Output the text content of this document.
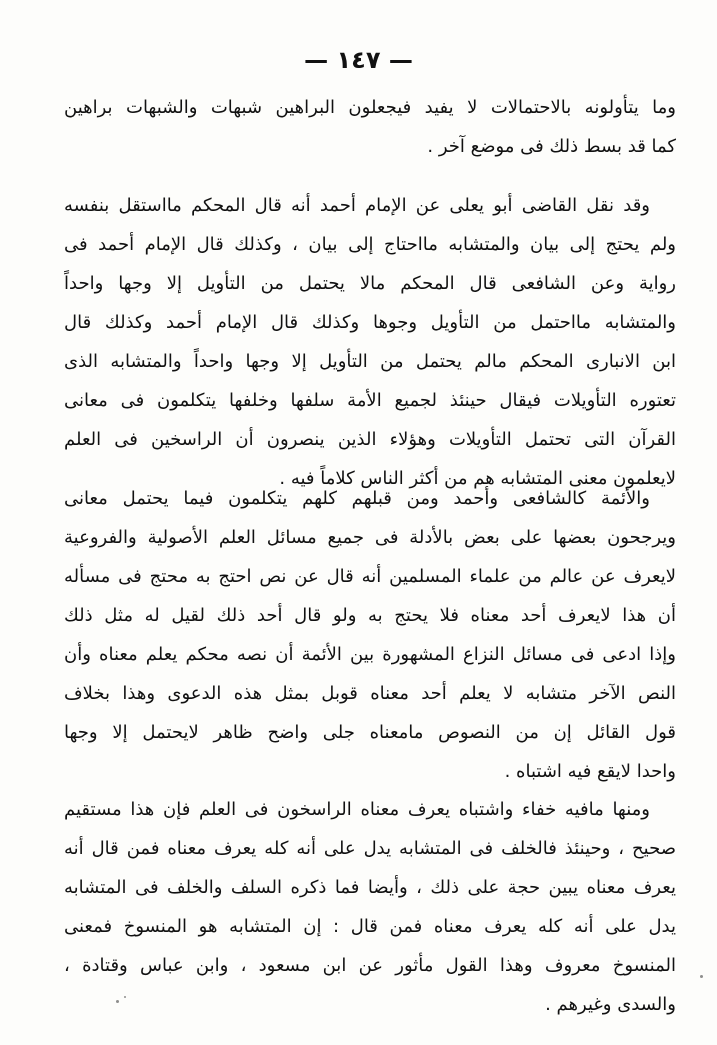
— ١٤٧ —
وما يتأولونه بالاحتمالات لا يفيد فيجعلون البراهين شبهات والشبهات براهين
كما قد بسط ذلك فى موضع آخر .
وقد نقل القاضى أبو يعلى عن الإمام أحمد أنه قال المحكم مااستقل بنفسه
ولم يحتج إلى بيان والمتشابه مااحتاج إلى بيان ، وكذلك قال الإمام أحمد فى
رواية وعن الشافعى قال المحكم مالا يحتمل من التأويل إلا وجها واحداً
والمتشابه مااحتمل من التأويل وجوها وكذلك قال الإمام أحمد وكذلك قال
ابن الانبارى المحكم مالم يحتمل من التأويل إلا وجها واحداً والمتشابه الذى
تعتوره التأويلات فيقال حينئذ لجميع الأمة سلفها وخلفها يتكلمون فى معانى
القرآن التى تحتمل التأويلات وهؤلاء الذين ينصرون أن الراسخين فى العلم
لايعلمون معنى المتشابه هم من أكثر الناس كلاماً فيه .
والأئمة كالشافعى وأحمد ومن قبلهم كلهم يتكلمون فيما يحتمل معانى
ويرجحون بعضها على بعض بالأدلة فى جميع مسائل العلم الأصولية والفروعية
لايعرف عن عالم من علماء المسلمين أنه قال عن نص احتج به محتج فى مسأله
أن هذا لايعرف أحد معناه فلا يحتج به ولو قال أحد ذلك لقيل له مثل ذلك
وإذا ادعى فى مسائل النزاع المشهورة بين الأئمة أن نصه محكم يعلم معناه وأن
النص الآخر متشابه لا يعلم أحد معناه قوبل بمثل هذه الدعوى وهذا بخلاف
قول القائل إن من النصوص مامعناه جلى واضح ظاهر لايحتمل إلا وجها
واحدا لايقع فيه اشتباه .
ومنها مافيه خفاء واشتباه يعرف معناه الراسخون فى العلم فإن هذا مستقيم
صحيح ، وحينئذ فالخلف فى المتشابه يدل على أنه كله يعرف معناه فمن قال أنه
يعرف معناه يبين حجة على ذلك ، وأيضا فما ذكره السلف والخلف فى المتشابه
يدل على أنه كله يعرف معناه فمن قال : إن المتشابه هو المنسوخ فمعنى
المنسوخ معروف وهذا القول مأثور عن ابن مسعود ، وابن عباس وقتادة ،
والسدى وغيرهم .
